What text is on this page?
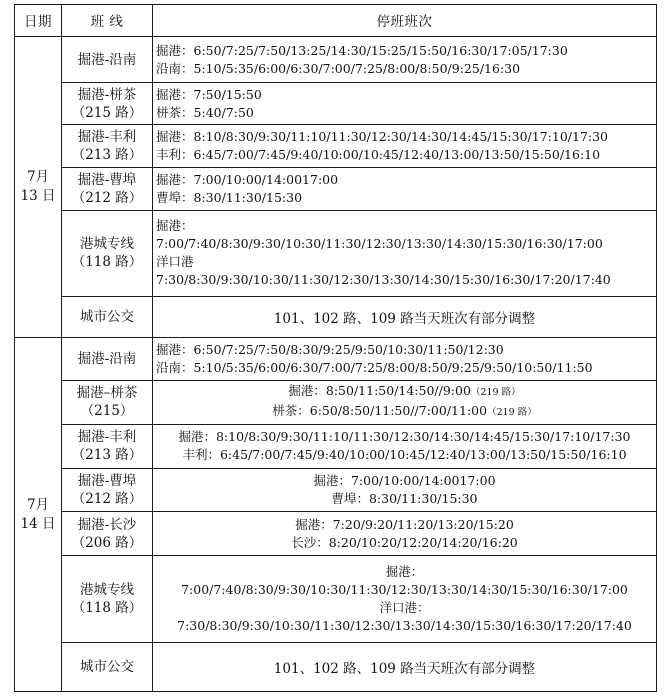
日期	班 线	停班班次

7月
13 日	掘港-沿南	掘港：6:50/7:25/7:50/13:25/14:30/15:25/15:50/16:30/17:05/17:30
沿南：5:10/5:35/6:00/6:30/7:00/7:25/8:00/8:50/9:25/16:30

	掘港-栟茶
（215 路）	掘港：7:50/15:50
栟茶：5:40/7:50

	掘港-丰利
（213 路）	掘港：8:10/8:30/9:30/11:10/11:30/12:30/14:30/14:45/15:30/17:10/17:30
丰利：6:45/7:00/7:45/9:40/10:00/10:45/12:40/13:00/13:50/15:50/16:10

	掘港-曹埠
（212 路）	掘港：7:00/10:00/14:0017:00
曹埠：8:30/11:30/15:30

	港城专线
（118 路）	掘港：
7:00/7:40/8:30/9:30/10:30/11:30/12:30/13:30/14:30/15:30/16:30/17:00
洋口港
7:30/8:30/9:30/10:30/11:30/12:30/13:30/14:30/15:30/16:30/17:20/17:40

	城市公交	101、102 路、109 路当天班次有部分调整

7月
14 日	掘港-沿南	掘港：6:50/7:25/7:50/8:30/9:25/9:50/10:30/11:50/12:30
沿南：5:10/5:35/6:00/6:30/7:00/7:25/8:00/8:50/9:25/9:50/10:50/11:50

	掘港–栟茶
（215）	掘港：8:50/11:50/14:50//9:00（219 路）
栟茶：6:50/8:50/11:50//7:00/11:00（219 路）

	掘港-丰利
（213 路）	掘港：8:10/8:30/9:30/11:10/11:30/12:30/14:30/14:45/15:30/17:10/17:30
丰利：6:45/7:00/7:45/9:40/10:00/10:45/12:40/13:00/13:50/15:50/16:10

	掘港-曹埠
（212 路）	掘港：7:00/10:00/14:0017:00
曹埠：8:30/11:30/15:30

	掘港-长沙
（206 路）	掘港：7:20/9:20/11:20/13:20/15:20
长沙：8:20/10:20/12:20/14:20/16:20

	港城专线
（118 路）	掘港：
7:00/7:40/8:30/9:30/10:30/11:30/12:30/13:30/14:30/15:30/16:30/17:00
洋口港：
7:30/8:30/9:30/10:30/11:30/12:30/13:30/14:30/15:30/16:30/17:20/17:40

	城市公交	101、102 路、109 路当天班次有部分调整
